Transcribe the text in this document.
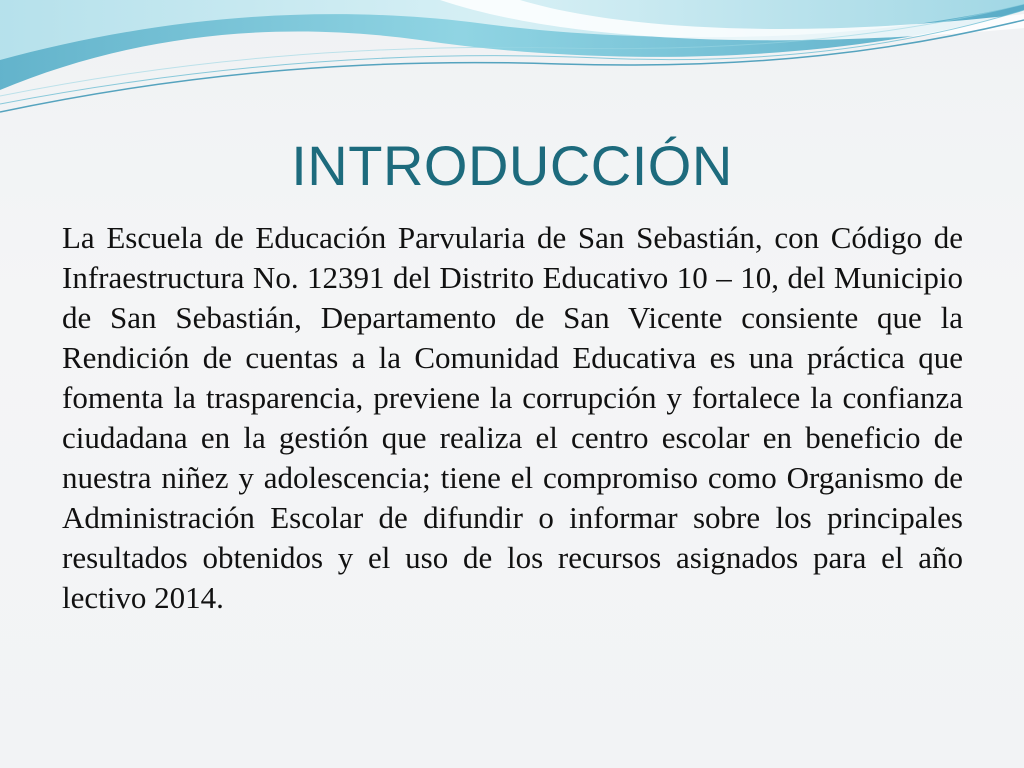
INTRODUCCIÓN

La Escuela de Educación Parvularia de San Sebastián, con Código de Infraestructura No. 12391 del Distrito Educativo 10 – 10, del Municipio de San Sebastián, Departamento de San Vicente consiente que la Rendición de cuentas a la Comunidad Educativa es una práctica que fomenta la trasparencia, previene la corrupción y fortalece la confianza ciudadana en la gestión que realiza el centro escolar en beneficio de nuestra niñez y adolescencia; tiene el compromiso como Organismo de Administración Escolar de difundir o informar sobre los principales resultados obtenidos y el uso de los recursos asignados para el año lectivo 2014.
